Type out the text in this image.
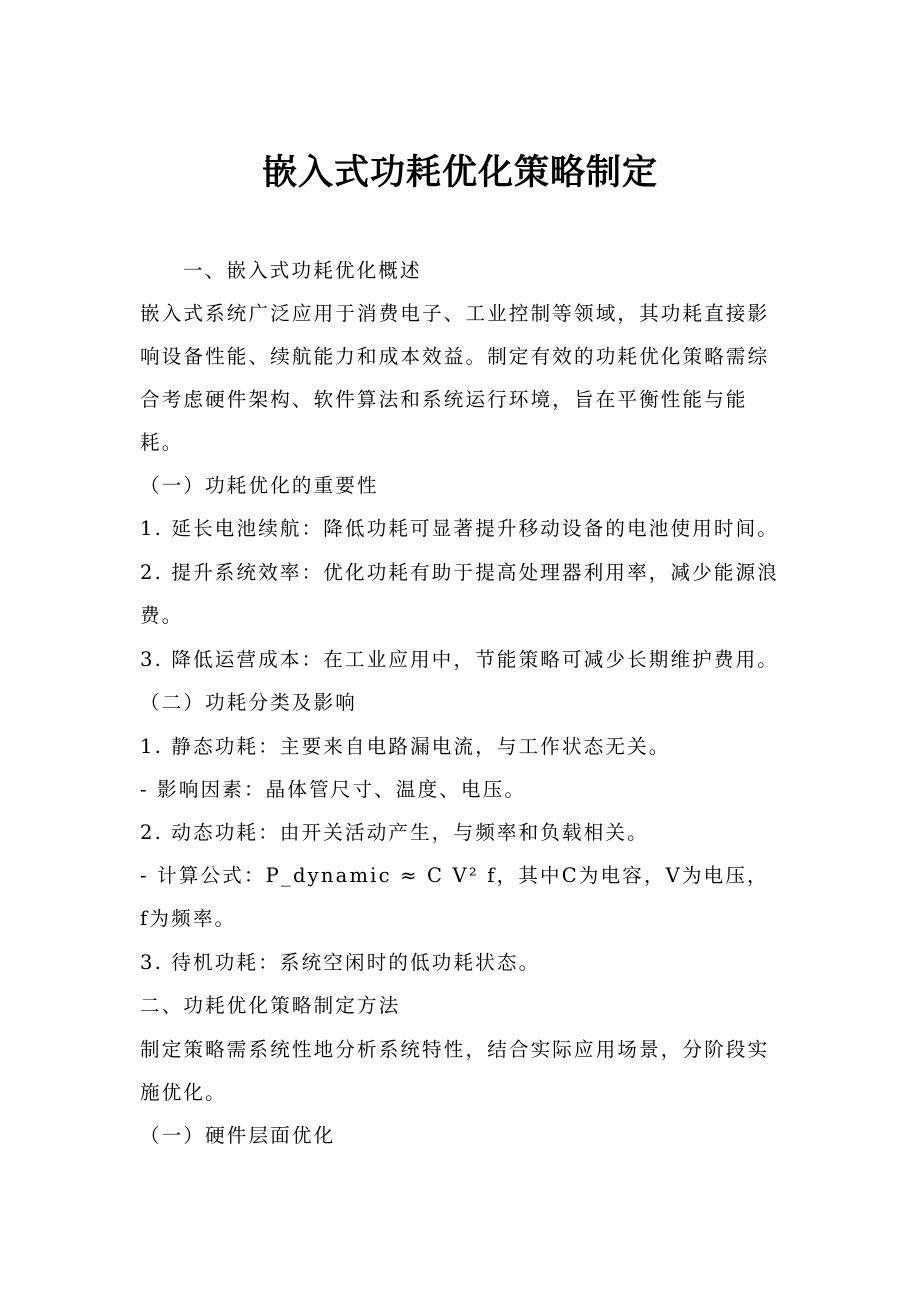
嵌入式功耗优化策略制定
一、嵌入式功耗优化概述
嵌入式系统广泛应用于消费电子、工业控制等领域，其功耗直接影
响设备性能、续航能力和成本效益。制定有效的功耗优化策略需综
合考虑硬件架构、软件算法和系统运行环境，旨在平衡性能与能
耗。
（一）功耗优化的重要性
1. 延长电池续航：降低功耗可显著提升移动设备的电池使用时间。
2. 提升系统效率：优化功耗有助于提高处理器利用率，减少能源浪
费。
3. 降低运营成本：在工业应用中，节能策略可减少长期维护费用。
（二）功耗分类及影响
1. 静态功耗：主要来自电路漏电流，与工作状态无关。
- 影响因素：晶体管尺寸、温度、电压。
2. 动态功耗：由开关活动产生，与频率和负载相关。
- 计算公式：P_dynamic ≈ C V² f，其中C为电容，V为电压，
f为频率。
3. 待机功耗：系统空闲时的低功耗状态。
二、功耗优化策略制定方法
制定策略需系统性地分析系统特性，结合实际应用场景，分阶段实
施优化。
（一）硬件层面优化
